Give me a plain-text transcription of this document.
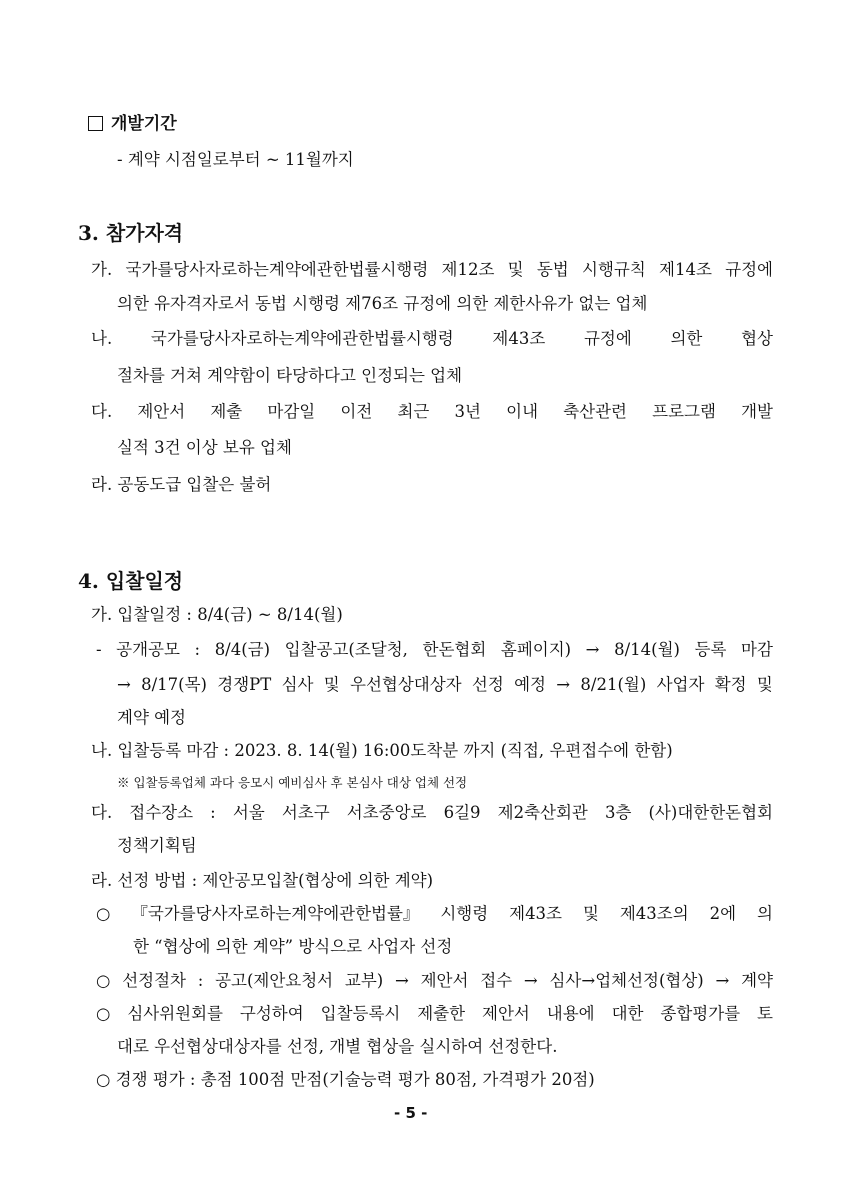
개발기간
- 계약 시점일로부터 ~ 11월까지
3. 참가자격
가. 국가를당사자로하는계약에관한법률시행령 제12조 및 동법 시행규칙 제14조 규정에
의한 유자격자로서 동법 시행령 제76조 규정에 의한 제한사유가 없는 업체
나. 국가를당사자로하는계약에관한법률시행령 제43조 규정에 의한 협상
절차를 거쳐 계약함이 타당하다고 인정되는 업체
다. 제안서 제출 마감일 이전 최근 3년 이내 축산관련 프로그램 개발
실적 3건 이상 보유 업체
라. 공동도급 입찰은 불허
4. 입찰일정
가. 입찰일정 : 8/4(금) ~ 8/14(월)
- 공개공모 : 8/4(금) 입찰공고(조달청, 한돈협회 홈페이지) → 8/14(월) 등록 마감
→ 8/17(목) 경쟁PT 심사 및 우선협상대상자 선정 예정 → 8/21(월) 사업자 확정 및
계약 예정
나. 입찰등록 마감 : 2023. 8. 14(월) 16:00도착분 까지 (직접, 우편접수에 한함)
※ 입찰등록업체 과다 응모시 예비심사 후 본심사 대상 업체 선정
다. 접수장소 : 서울 서초구 서초중앙로 6길9 제2축산회관 3층 (사)대한한돈협회
정책기획팀
라. 선정 방법 : 제안공모입찰(협상에 의한 계약)
○ 『국가를당사자로하는계약에관한법률』 시행령 제43조 및 제43조의 2에 의
한 “협상에 의한 계약” 방식으로 사업자 선정
○ 선정절차 : 공고(제안요청서 교부) → 제안서 접수 → 심사→업체선정(협상) → 계약
○ 심사위원회를 구성하여 입찰등록시 제출한 제안서 내용에 대한 종합평가를 토
대로 우선협상대상자를 선정, 개별 협상을 실시하여 선정한다.
○ 경쟁 평가 : 총점 100점 만점(기술능력 평가 80점, 가격평가 20점)
- 5 -
